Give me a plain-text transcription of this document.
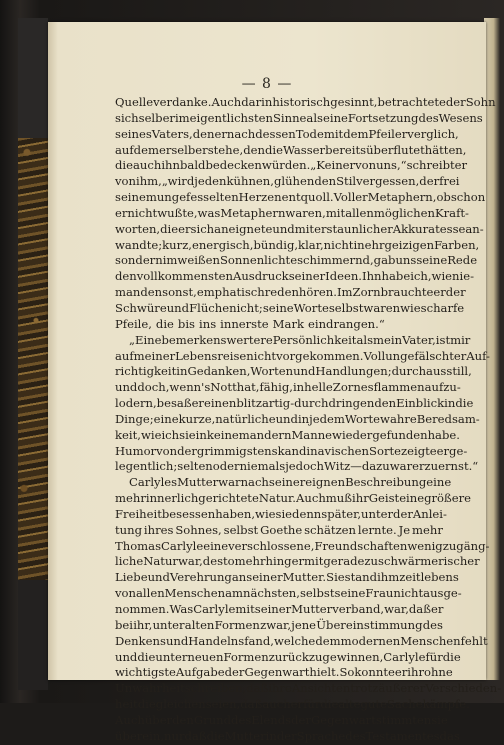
— 8 —
Quelle verdanke. Auch darin historisch gesinnt, betrachtete der Sohn
sich selber im eigentlichsten Sinne als eine Fortsetzung des Wesens
seines Vaters, den er nach dessen Tode mit dem Pfeiler verglich,
auf dem er selber stehe, den die Wasser bereits überflutet hätten,
die auch ihn bald bedecken würden. „Keiner von uns,“ schreibt er
von ihm, „wird je den kühnen, glühenden Stil vergessen, der frei
seinem ungefesselten Herzen entquoll. Voller Metaphern, obschon
er nicht wußte, was Metaphern waren, mit allen möglichen Kraft-
worten, die er sich aneignete und mit erstaunlicher Akkuratesse an-
wandte; kurz, energisch, bündig, klar, nicht in ehrgeizigen Farben,
sondern im weißen Sonnenlichte schimmernd, gab uns seine Rede
den vollkommensten Ausdruck seiner Ideen. Ihn habe ich, wie nie-
manden sonst, emphatisch reden hören. Im Zorn brauchte er der
Schwüre und Flüche nicht; seine Worte selbst waren wie scharfe
Pfeile, die bis ins innerste Mark eindrangen.“
„Eine bemerkenswertere Persönlichkeit als mein Vater, ist mir
auf meiner Lebensreise nicht vorgekommen. Voll ungefälschter Auf-
richtigkeit in Gedanken, Worten und Handlungen; durchaus still,
und doch, wenn's Not that, fähig, in helle Zornesflammen aufzu-
lodern, besaß er einen blitzartig-durchdringenden Einblick in die
Dinge; eine kurze, natürliche und in jedem Worte wahre Beredsam-
keit, wie ich sie in keinem andern Manne wiedergefunden habe.
Humor von der grimmigsten skandinavischen Sorte zeigte er ge-
legentlich; selten oder niemals jedoch Witz — dazu war er zu ernst.“
Carlyles Mutter war nach seiner eignen Beschreibung eine
mehr innerlich gerichtete Natur. Auch muß ihr Geist eine größere
Freiheit besessen haben, wie sie denn später, unter der Anlei-
tung ihres Sohnes, selbst Goethe schätzen lernte. Je mehr
Thomas Carlyle eine verschlossene, Freundschaften wenig zugäng-
liche Natur war, desto mehr hing er mit geradezu schwärmerischer
Liebe und Verehrung an seiner Mutter. Sie stand ihm zeitlebens
von allen Menschen am nächsten, selbst seine Frau nicht ausge-
nommen. Was Carlyle mit seiner Mutter verband, war, daß er
bei ihr, unter alten Formen zwar, jene Übereinstimmung des
Denkens und Handelns fand, welche dem modernen Menschen fehlt
und die unter neuen Formen zurückzugewinnen, Carlyle für die
wichtigste Aufgabe der Gegenwart hielt. So konnte er ihr ohne
Unwahrheit schreiben, daß ihre Ansichten trotz äußerer Verschieden-
heit die gleichen seien, daß auch er für die alte gute Sache kämpfe.
Auch über den Grund des Elends der Gegenwart stimmten sie
überein, nur daß die Mutter in der Sprache des Testamentes das
